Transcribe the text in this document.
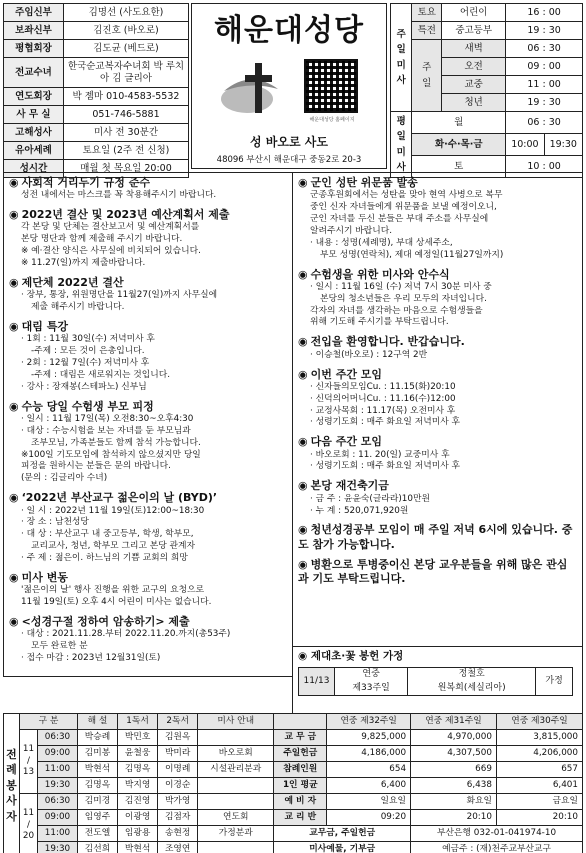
주임신부	김명선 (사도요한)
보좌신부	김진호 (바오로)
평협회장	김도균 (베드로)
전교수녀	한국순교복자수녀회 박 루치아 김 글리아
연도회장	박 젬마 010-4583-5532
사 무 실	051-746-5881
고해성사	미사 전 30분간
유아세례	토요일 (2주 전 신청)
성시간	매월 첫 목요일 20:00
해운대성당
해운대성당 홈페이지
성 바오로 사도
48096 부산시 해운대구 중동2로 20-3
주일미사	토요	어린이	16 : 00	
	특전	중고등부	19 : 30	
	주
일	새벽	06 : 30	
		오전	09 : 00	
		교중	11 : 00	
		청년	19 : 30	
평일미사	월		06 : 30	
	화·수·목·금		10:00	19:30
	토		10 : 00	
◉ 사회적 거리두기 규정 준수

성전 내에서는 마스크를 꼭 착용해주시기 바랍니다.

◉ 2022년 결산 및 2023년 예산계획서 제출

각 본당 및 단체는 결산보고서 및 예산계획서를

본당 명단과 함께 제출해 주시기 바랍니다.

※ 예·결산 양식은 사무실에 비치되어 있습니다.

※ 11.27(일)까지 제출바랍니다.

◉ 제단체 2022년 결산

· 장부, 통장, 위원명단을 11월27(일)까지 사무실에

제출 해주시기 바랍니다.

◉ 대림 특강

· 1회 : 11월 30일(수) 저녁미사 후

-주제 : 모든 것이 은총입니다.

· 2회 : 12월 7일(수) 저녁미사 후

-주제 : 대림은 새로워지는 것입니다.

· 강사 : 장재봉(스테파노) 신부님

◉ 수능 당일 수험생 부모 피정

· 일시 : 11월 17일(목) 오전8:30~오후4:30

· 대상 : 수능시험을 보는 자녀를 둔 부모님과

조부모님, 가족분들도 함께 참석 가능합니다.

※100일 기도모임에 참석하지 않으셨지만 당일

피정을 원하시는 분들은 문의 바랍니다.

(문의 : 김글리아 수녀)

◉ ‘2022년 부산교구 젊은이의 날 (BYD)’

· 일 시 : 2022년 11월 19일(토)12:00~18:30

· 장 소 : 남천성당

· 대 상 : 부산교구 내 중고등부, 학생, 학부모,

교리교사, 청년, 학부모 그리고 본당 관계자

· 주 제 : 젊은이. 하느님의 기쁨 교회의 희망

◉ 미사 변동

'젊은이의 날' 행사 진행을 위한 교구의 요청으로

11월 19일(토) 오후 4시 어린이 미사는 없습니다.

◉ <성경구절 정하여 암송하기> 제출

· 대상 : 2021.11.28.부터 2022.11.20.까지(총53주)

모두 완료한 분

· 접수 마감 : 2023년 12월31일(토)

◉ 군인 성탄 위문품 발송

군종후원회에서는 성탄을 맞아 현역 사병으로 복무

중인 신자 자녀들에게 위문품을 보낼 예정이오니,

군인 자녀를 두신 분들은 부대 주소를 사무실에

알려주시기 바랍니다.

· 내용 : 성명(세례명), 부대 상세주소,

부모 성명(연락처), 제대 예정일(11월27일까지)

◉ 수험생을 위한 미사와 안수식

· 일시 : 11월 16일 (수) 저녁 7시 30분 미사 중

본당의 청소년들은 우리 모두의 자녀입니다.

각자의 자녀를 생각하는 마음으로 수험생들을

위해 기도해 주시기를 부탁드립니다.

◉ 전입을 환영합니다. 반갑습니다.

· 이승철(바오로) : 12구역 2반

◉ 이번 주간 모임

· 신자들의모임Cu. : 11.15(화)20:10

· 신덕의어머니Cu. : 11.16(수)12:00

· 교정사목회 : 11.17(목) 오전미사 후

· 성령기도회 : 매주 화요일 저녁미사 후

◉ 다음 주간 모임

· 바오로회 : 11. 20(일) 교중미사 후

· 성령기도회 : 매주 화요일 저녁미사 후

◉ 본당 재건축기금

· 금 주 : 윤윤숙(글라라)10만원

· 누 계 : 520,071,920원

◉ 청년성경공부 모임이 매 주일 저녁 6시에 있습니다. 중도 참가 가능합니다.
◉ 병환으로 투병중이신 본당 교우분들을 위해 많은 관심과 기도 부탁드립니다.
◉ 제대초·꽃 봉헌 가정
11/13	연중	정철호	가정
	제33주일	원복희(세실리아)	
전례봉사자	구 분		해 설	1독서	2독서	미사 안내		연중 제32주일	연중 제31주일	연중 제30주일
	11 / 13	06:30	박승례	박민호	김원옥		교 무 금	9,825,000	4,970,000	3,815,000
		09:00	김미봉	윤철웅	박미라	바오로회	주일헌금	4,186,000	4,307,500	4,206,000
		11:00	박현석	김명옥	이명례	시설관리분과	참례인원	654	669	657
		19:30	김명옥	박지영	이경순		1인 평균	6,400	6,438	6,401
	11 / 20	06:30	김미경	김진영	박가영		예 비 자	일요일	화요일	금요일
		09:00	임영주	이광영	김점자	연도회	교 리 반	09:20	20:10	20:10
		11:00	전도엘	임광용	송현정	가정분과	교무금, 주일헌금		부산은행 032-01-041974-10	
		19:30	김선희	박현석	조영연		미사예물, 기부금		예금주 : (재)천주교부산교구	
